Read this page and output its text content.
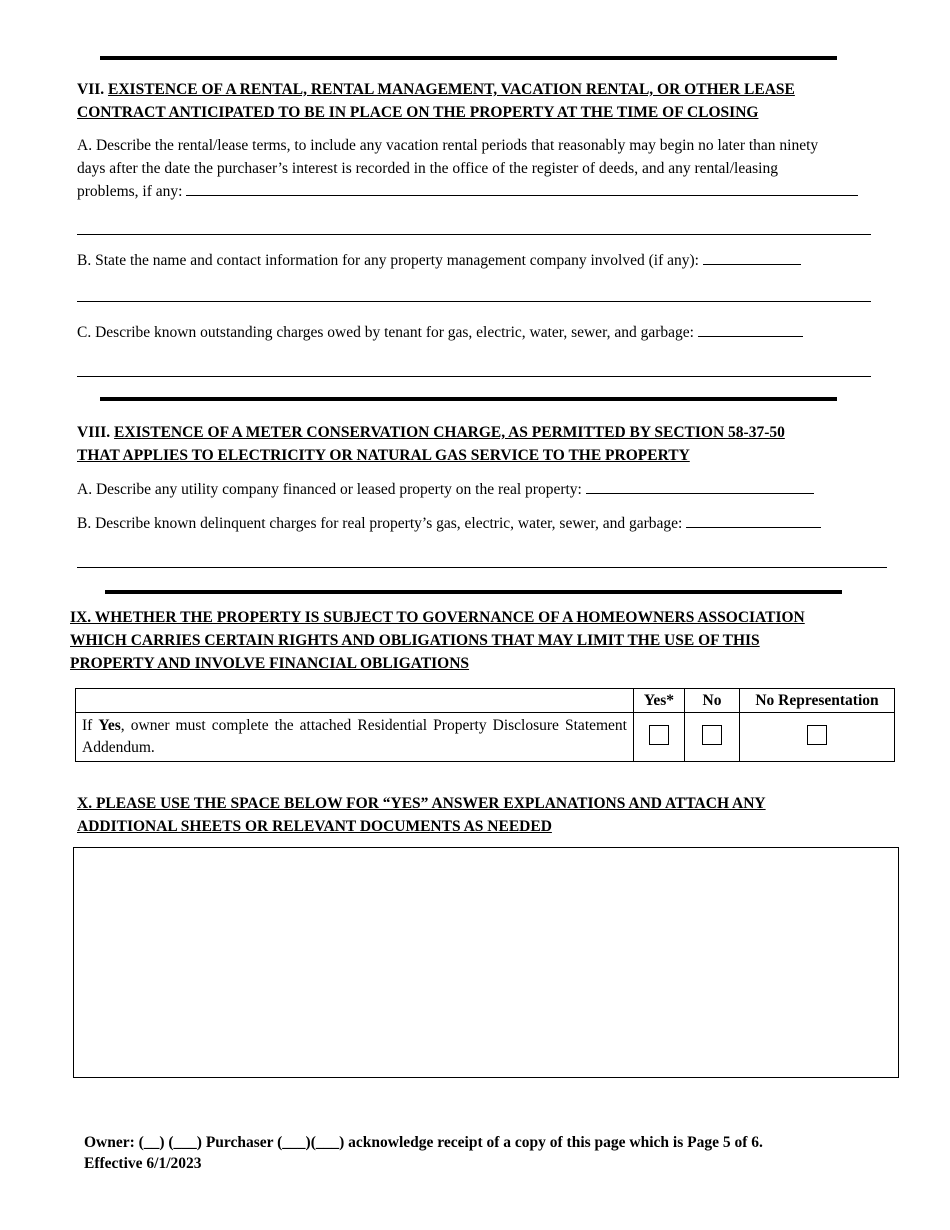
VII. EXISTENCE OF A RENTAL, RENTAL MANAGEMENT, VACATION RENTAL, OR OTHER LEASE
CONTRACT ANTICIPATED TO BE IN PLACE ON THE PROPERTY AT THE TIME OF CLOSING
A. Describe the rental/lease terms, to include any vacation rental periods that reasonably may begin no later than ninety
days after the date the purchaser’s interest is recorded in the office of the register of deeds, and any rental/leasing
problems, if any:
B. State the name and contact information for any property management company involved (if any):
C. Describe known outstanding charges owed by tenant for gas, electric, water, sewer, and garbage:
VIII. EXISTENCE OF A METER CONSERVATION CHARGE, AS PERMITTED BY SECTION 58-37-50
THAT APPLIES TO ELECTRICITY OR NATURAL GAS SERVICE TO THE PROPERTY
A. Describe any utility company financed or leased property on the real property:
B. Describe known delinquent charges for real property’s gas, electric, water, sewer, and garbage:
IX. WHETHER THE PROPERTY IS SUBJECT TO GOVERNANCE OF A HOMEOWNERS ASSOCIATION
WHICH CARRIES CERTAIN RIGHTS AND OBLIGATIONS THAT MAY LIMIT THE USE OF THIS
PROPERTY AND INVOLVE FINANCIAL OBLIGATIONS
	Yes*	No	No Representation
If Yes, owner must complete the attached Residential Property Disclosure Statement Addendum.			
X. PLEASE USE THE SPACE BELOW FOR “YES” ANSWER EXPLANATIONS AND ATTACH ANY
ADDITIONAL SHEETS OR RELEVANT DOCUMENTS AS NEEDED
Owner: (__) (___) Purchaser (___)(___) acknowledge receipt of a copy of this page which is Page 5 of 6.
Effective 6/1/2023
